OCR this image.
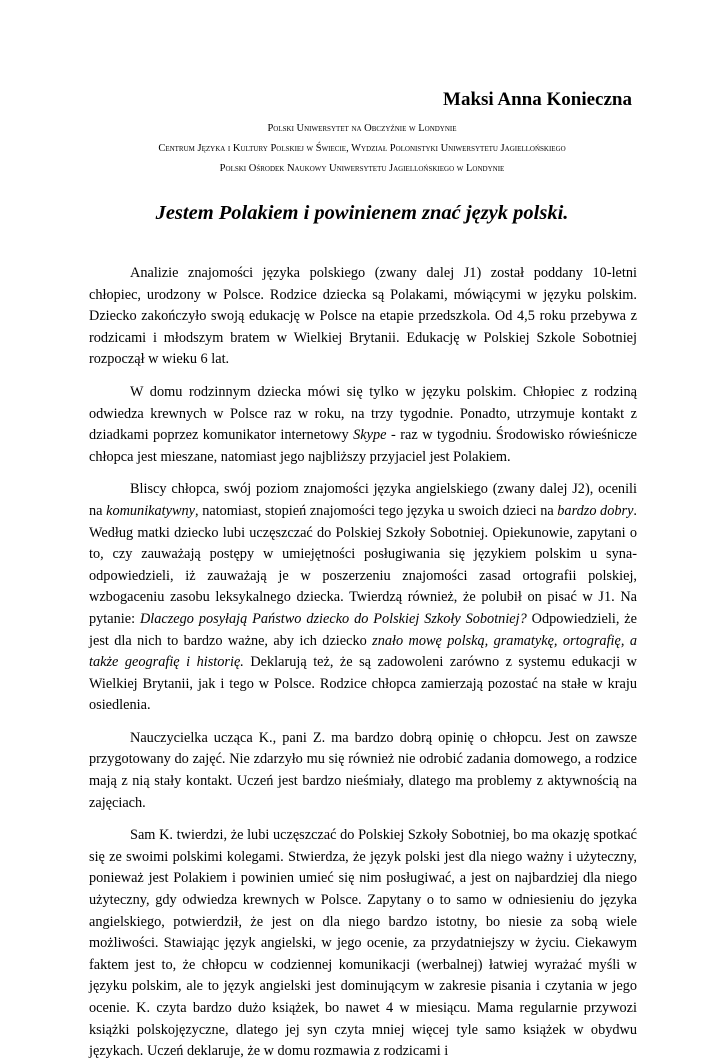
Maksi Anna Konieczna
Polski Uniwersytet na Obczyźnie w Londynie
Centrum Języka i Kultury Polskiej w Świecie, Wydział Polonistyki Uniwersytetu Jagiellońskiego
Polski Ośrodek Naukowy Uniwersytetu Jagiellońskiego w Londynie
Jestem Polakiem i powinienem znać język polski.

Analizie znajomości języka polskiego (zwany dalej J1) został poddany 10-letni chłopiec, urodzony w Polsce. Rodzice dziecka są Polakami, mówiącymi w języku polskim. Dziecko zakończyło swoją edukację w Polsce na etapie przedszkola. Od 4,5 roku przebywa z rodzicami i młodszym bratem w Wielkiej Brytanii. Edukację w Polskiej Szkole Sobotniej rozpoczął w wieku 6 lat.

W domu rodzinnym dziecka mówi się tylko w języku polskim. Chłopiec z rodziną odwiedza krewnych w Polsce raz w roku, na trzy tygodnie. Ponadto, utrzymuje kontakt z dziadkami poprzez komunikator internetowy Skype - raz w tygodniu. Środowisko rówieśnicze chłopca jest mieszane, natomiast jego najbliższy przyjaciel jest Polakiem.

Bliscy chłopca, swój poziom znajomości języka angielskiego (zwany dalej J2), ocenili na komunikatywny, natomiast, stopień znajomości tego języka u swoich dzieci na bardzo dobry. Według matki dziecko lubi uczęszczać do Polskiej Szkoły Sobotniej. Opiekunowie, zapytani o to, czy zauważają postępy w umiejętności posługiwania się językiem polskim u syna- odpowiedzieli, iż zauważają je w poszerzeniu znajomości zasad ortografii polskiej, wzbogaceniu zasobu leksykalnego dziecka. Twierdzą również, że polubił on pisać w J1. Na pytanie: Dlaczego posyłają Państwo dziecko do Polskiej Szkoły Sobotniej? Odpowiedzieli, że jest dla nich to bardzo ważne, aby ich dziecko znało mowę polską, gramatykę, ortografię, a także geografię i historię. Deklarują też, że są zadowoleni zarówno z systemu edukacji w Wielkiej Brytanii, jak i tego w Polsce. Rodzice chłopca zamierzają pozostać na stałe w kraju osiedlenia.

Nauczycielka ucząca K., pani Z. ma bardzo dobrą opinię o chłopcu. Jest on zawsze przygotowany do zajęć. Nie zdarzyło mu się również nie odrobić zadania domowego, a rodzice mają z nią stały kontakt. Uczeń jest bardzo nieśmiały, dlatego ma problemy z aktywnością na zajęciach.

Sam K. twierdzi, że lubi uczęszczać do Polskiej Szkoły Sobotniej, bo ma okazję spotkać się ze swoimi polskimi kolegami. Stwierdza, że język polski jest dla niego ważny i użyteczny, ponieważ jest Polakiem i powinien umieć się nim posługiwać, a jest on najbardziej dla niego użyteczny, gdy odwiedza krewnych w Polsce. Zapytany o to samo w odniesieniu do języka angielskiego, potwierdził, że jest on dla niego bardzo istotny, bo niesie za sobą wiele możliwości. Stawiając język angielski, w jego ocenie, za przydatniejszy w życiu. Ciekawym faktem jest to, że chłopcu w codziennej komunikacji (werbalnej) łatwiej wyrażać myśli w języku polskim, ale to język angielski jest dominującym w zakresie pisania i czytania w jego ocenie. K. czyta bardzo dużo książek, bo nawet 4 w miesiącu. Mama regularnie przywozi książki polskojęzyczne, dlatego jej syn czyta mniej więcej tyle samo książek w obydwu językach. Uczeń deklaruje, że w domu rozmawia z rodzicami i
